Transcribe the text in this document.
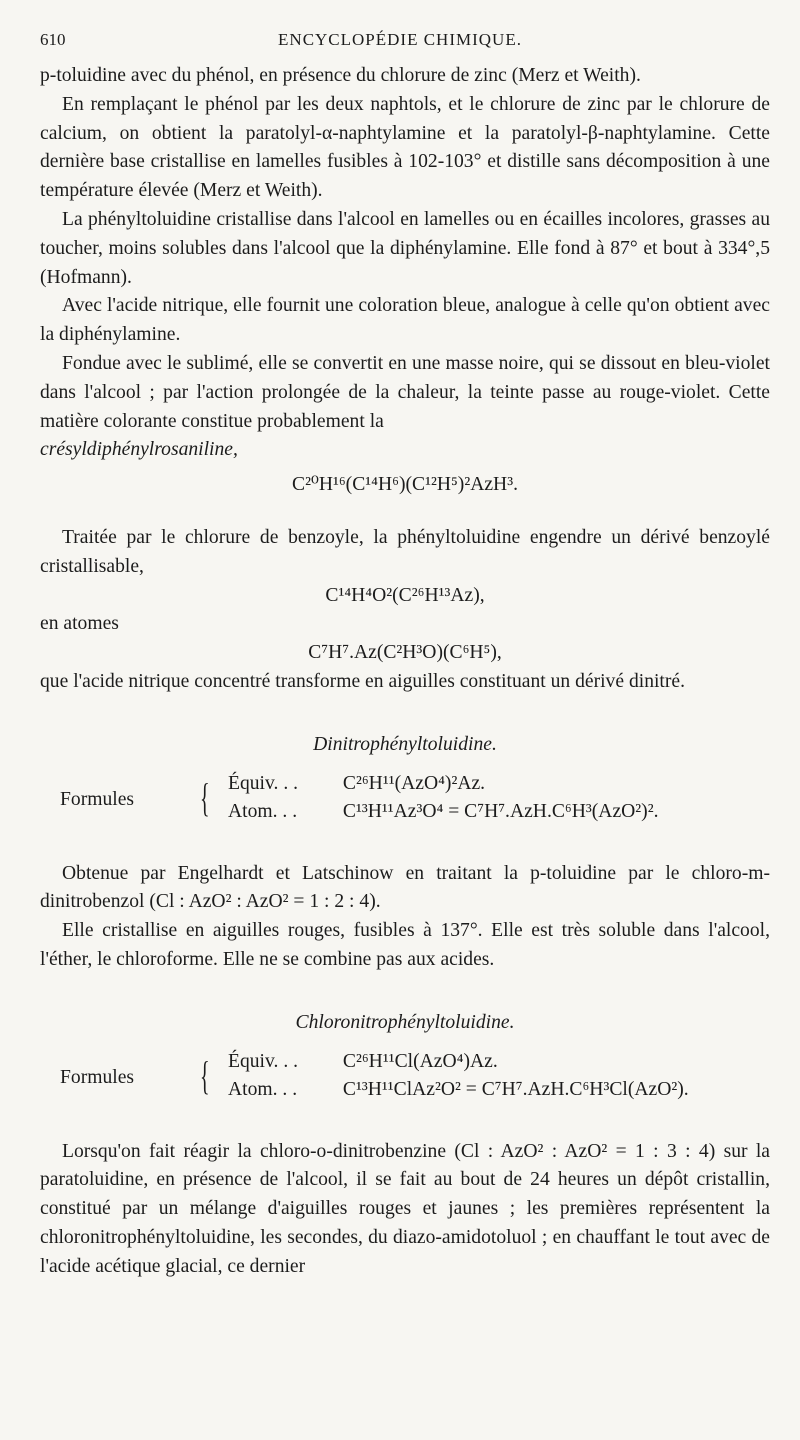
610	ENCYCLOPÉDIE CHIMIQUE.

p-toluidine avec du phénol, en présence du chlorure de zinc (Merz et Weith).

En remplaçant le phénol par les deux naphtols, et le chlorure de zinc par le chlorure de calcium, on obtient la paratolyl-α-naphtylamine et la paratolyl-β-naphtylamine. Cette dernière base cristallise en lamelles fusibles à 102-103° et distille sans décomposition à une température élevée (Merz et Weith).

La phényltoluidine cristallise dans l'alcool en lamelles ou en écailles incolores, grasses au toucher, moins solubles dans l'alcool que la diphénylamine. Elle fond à 87° et bout à 334°,5 (Hofmann).

Avec l'acide nitrique, elle fournit une coloration bleue, analogue à celle qu'on obtient avec la diphénylamine.

Fondue avec le sublimé, elle se convertit en une masse noire, qui se dissout en bleu-violet dans l'alcool ; par l'action prolongée de la chaleur, la teinte passe au rouge-violet. Cette matière colorante constitue probablement la

crésyldiphénylrosaniline,

C²⁰H¹⁶(C¹⁴H⁶)(C¹²H⁵)²AzH³.

Traitée par le chlorure de benzoyle, la phényltoluidine engendre un dérivé benzoylé cristallisable,

C¹⁴H⁴O²(C²⁶H¹³Az),

en atomes

C⁷H⁷.Az(C²H³O)(C⁶H⁵),

que l'acide nitrique concentré transforme en aiguilles constituant un dérivé dinitré.

Dinitrophényltoluidine.

Formules { Équiv. . . C²⁶H¹¹(AzO⁴)²Az.
Atom. . . C¹³H¹¹Az³O⁴ = C⁷H⁷.AzH.C⁶H³(AzO²)².

Obtenue par Engelhardt et Latschinow en traitant la p-toluidine par le chloro-m-dinitrobenzol (Cl : AzO² : AzO² = 1 : 2 : 4).

Elle cristallise en aiguilles rouges, fusibles à 137°. Elle est très soluble dans l'alcool, l'éther, le chloroforme. Elle ne se combine pas aux acides.

Chloronitrophényltoluidine.

Formules { Équiv. . . C²⁶H¹¹Cl(AzO⁴)Az.
Atom. . . C¹³H¹¹ClAz²O² = C⁷H⁷.AzH.C⁶H³Cl(AzO²).

Lorsqu'on fait réagir la chloro-o-dinitrobenzine (Cl : AzO² : AzO² = 1 : 3 : 4) sur la paratoluidine, en présence de l'alcool, il se fait au bout de 24 heures un dépôt cristallin, constitué par un mélange d'aiguilles rouges et jaunes ; les premières représentent la chloronitrophényltoluidine, les secondes, du diazo-amidotoluol ; en chauffant le tout avec de l'acide acétique glacial, ce dernier
